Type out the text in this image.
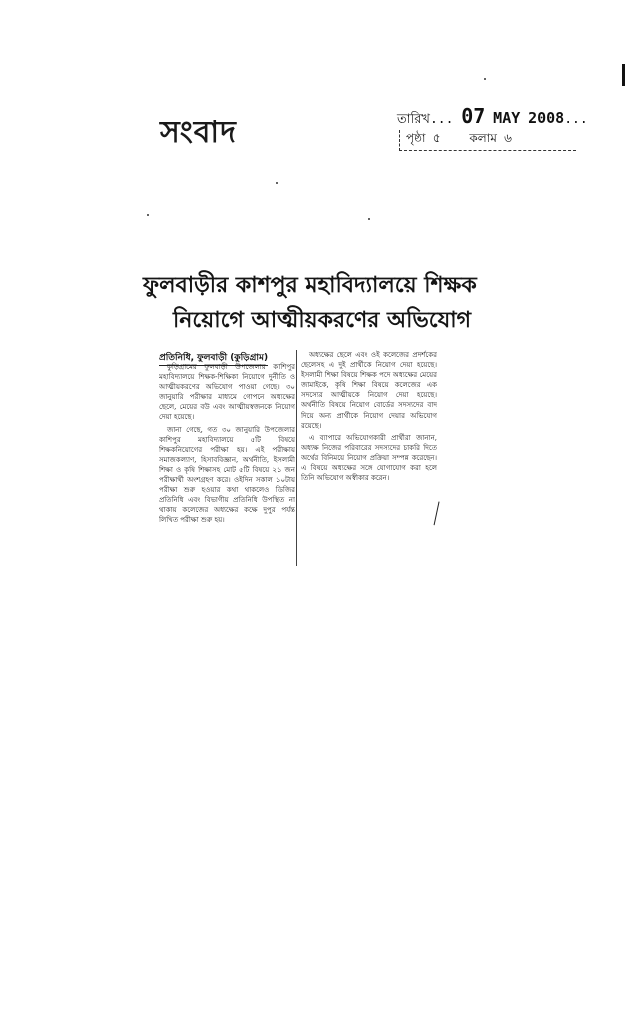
সংবাদ	তারিখ... 07 MAY 2008...
পৃষ্ঠা ৫ কলাম ৬
ফুলবাড়ীর কাশপুর মহাবিদ্যালয়ে শিক্ষক
নিয়োগে আত্মীয়করণের অভিযোগ
প্রতিনিধি, ফুলবাড়ী (কুড়িগ্রাম)

কুড়িগ্রামের ফুলবাড়ী উপজেলার কাশিপুর মহাবিদ্যালয়ে শিক্ষক-শিক্ষিকা নিয়োগে দুর্নীতি ও আত্মীয়করণের অভিযোগ পাওয়া গেছে। ৩০ জানুয়ারি পরীক্ষার মাধ্যমে গোপনে অধ্যক্ষের ছেলে, মেয়ের বউ এবং আত্মীয়স্বজনকে নিয়োগ দেয়া হয়েছে।

জানা গেছে, গত ৩০ জানুয়ারি উপজেলার কাশিপুর মহাবিদ্যালয়ে ৫টি বিষয়ে শিক্ষকনিয়োগের পরীক্ষা হয়। এই পরীক্ষায় সমাজকল্যাণ, হিসাববিজ্ঞান, অর্থনীতি, ইসলামী শিক্ষা ও কৃষি শিক্ষাসহ মোট ৫টি বিষয়ে ২১ জন পরীক্ষার্থী অংশগ্রহণ করে। ওইদিন সকাল ১০টায় পরীক্ষা শুরু হওয়ার কথা থাকলেও ডিজির প্রতিনিধি এবং বিভাগীয় প্রতিনিধি উপস্থিত না থাকায় কলেজের অধ্যক্ষের কক্ষে দুপুর পর্যন্ত লিখিত পরীক্ষা শুরু হয়।

অধ্যক্ষের ছেলে এবং ওই কলেজের প্রদর্শকের ছেলেসহ এ দুই প্রার্থীকে নিয়োগ দেয়া হয়েছে। ইসলামী শিক্ষা বিষয়ে শিক্ষক পদে অধ্যক্ষের মেয়ের জামাইকে, কৃষি শিক্ষা বিষয়ে কলেজের এক সদস্যের আত্মীয়কে নিয়োগ দেয়া হয়েছে। অর্থনীতি বিষয়ে নিয়োগ বোর্ডের সদস্যদের বাদ দিয়ে অন্য প্রার্থীকে নিয়োগ দেয়ার অভিযোগ রয়েছে।

এ ব্যাপারে অভিযোগকারী প্রার্থীরা জানান, অধ্যক্ষ নিজের পরিবারের সদস্যদের চাকরি দিতে অর্থের বিনিময়ে নিয়োগ প্রক্রিয়া সম্পন্ন করেছেন। এ বিষয়ে অধ্যক্ষের সঙ্গে যোগাযোগ করা হলে তিনি অভিযোগ অস্বীকার করেন।
